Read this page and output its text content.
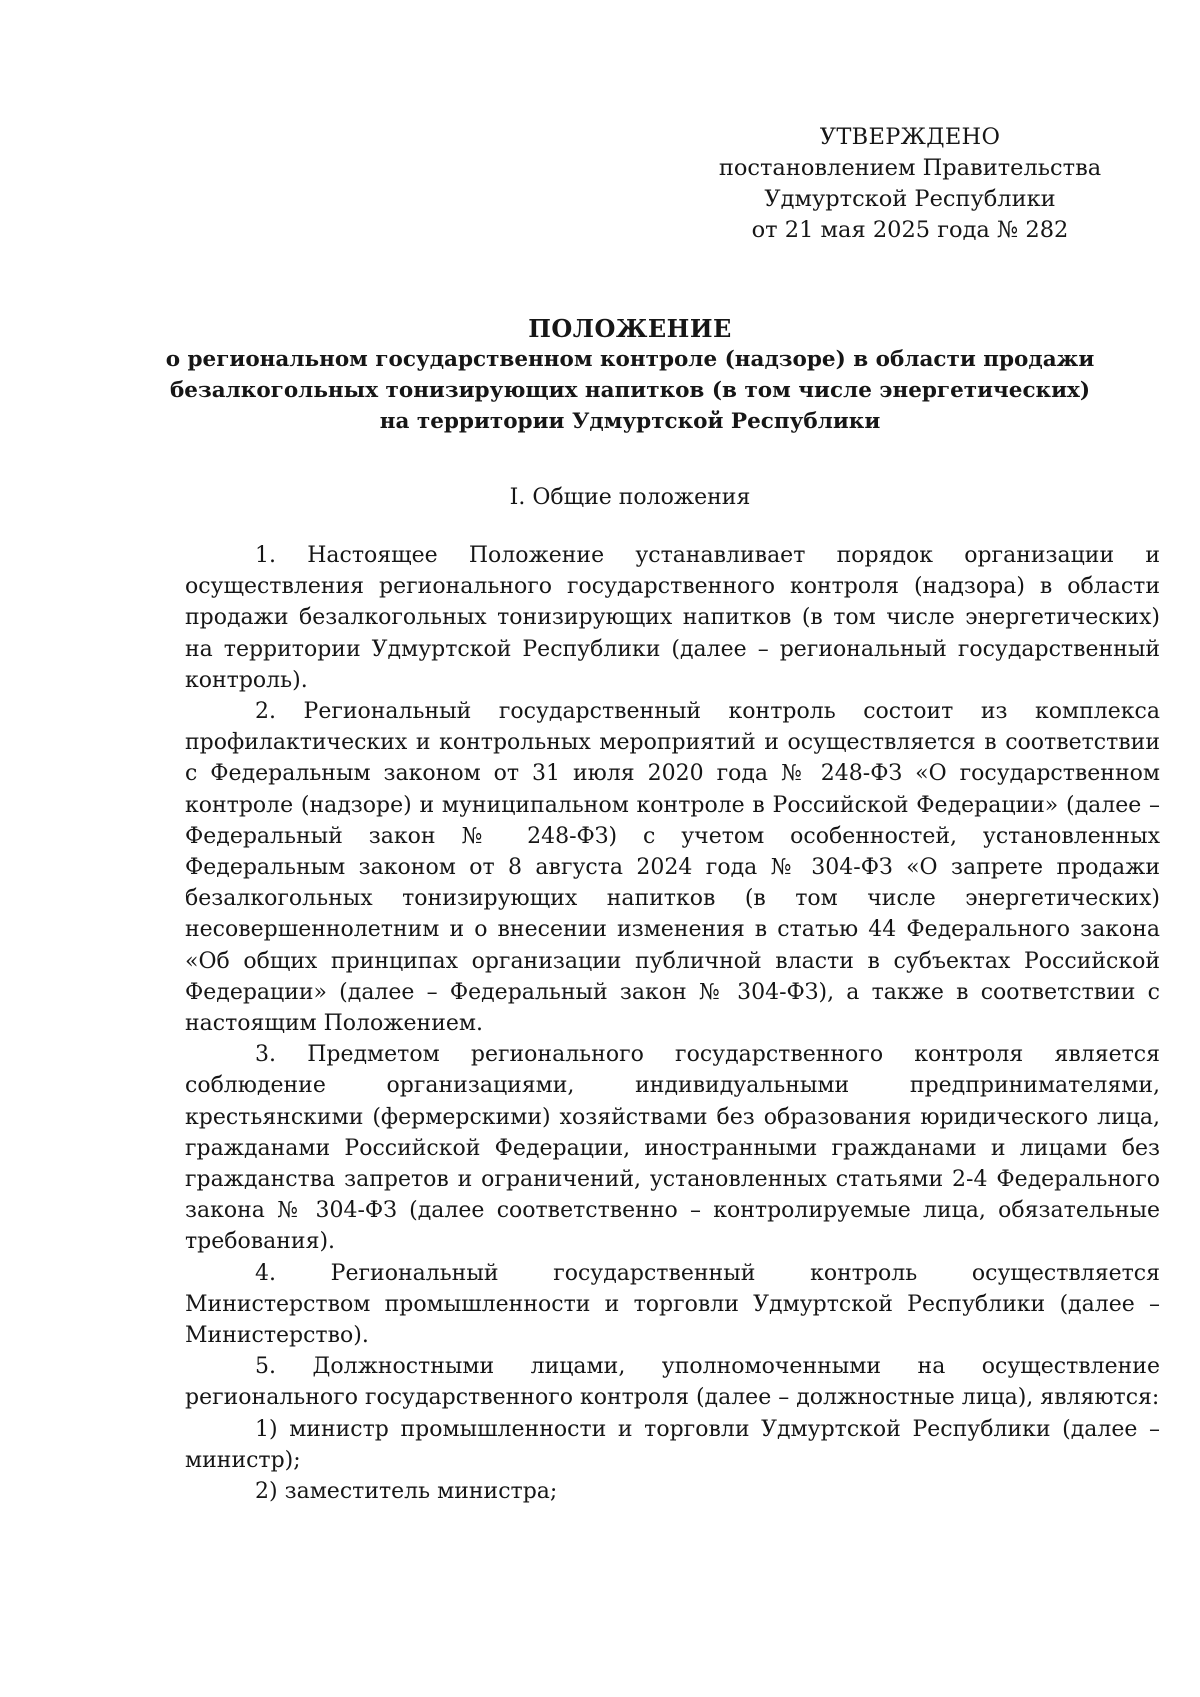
УТВЕРЖДЕНО
постановлением Правительства
Удмуртской Республики
от 21 мая 2025 года № 282
ПОЛОЖЕНИЕ
о региональном государственном контроле (надзоре) в области продажи
безалкогольных тонизирующих напитков (в том числе энергетических)
на территории Удмуртской Республики
I. Общие положения

1. Настоящее Положение устанавливает порядок организации и осуществления регионального государственного контроля (надзора) в области продажи безалкогольных тонизирующих напитков (в том числе энергетических) на территории Удмуртской Республики (далее – региональный государственный контроль).

2. Региональный государственный контроль состоит из комплекса профилактических и контрольных мероприятий и осуществляется в соответствии с Федеральным законом от 31 июля 2020 года № 248-ФЗ «О государственном контроле (надзоре) и муниципальном контроле в Российской Федерации» (далее – Федеральный закон № 248-ФЗ) с учетом особенностей, установленных Федеральным законом от 8 августа 2024 года № 304-ФЗ «О запрете продажи безалкогольных тонизирующих напитков (в том числе энергетических) несовершеннолетним и о внесении изменения в статью 44 Федерального закона «Об общих принципах организации публичной власти в субъектах Российской Федерации» (далее – Федеральный закон № 304-ФЗ), а также в соответствии с настоящим Положением.

3. Предметом регионального государственного контроля является соблюдение организациями, индивидуальными предпринимателями, крестьянскими (фермерскими) хозяйствами без образования юридического лица, гражданами Российской Федерации, иностранными гражданами и лицами без гражданства запретов и ограничений, установленных статьями 2-4 Федерального закона № 304-ФЗ (далее соответственно – контролируемые лица, обязательные требования).

4. Региональный государственный контроль осуществляется Министерством промышленности и торговли Удмуртской Республики (далее – Министерство).

5. Должностными лицами, уполномоченными на осуществление регионального государственного контроля (далее – должностные лица), являются:

1) министр промышленности и торговли Удмуртской Республики (далее – министр);

2) заместитель министра;
